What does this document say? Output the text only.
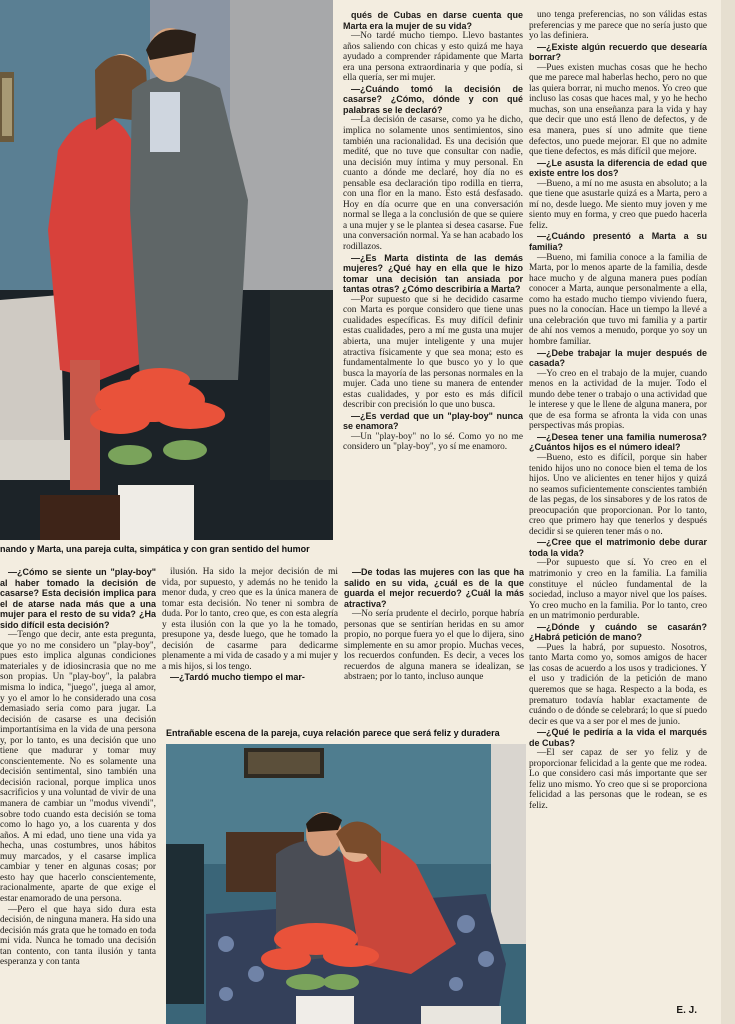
nando y Marta, una pareja culta, simpática y con gran sentido del humor
Entrañable escena de la pareja, cuya relación parece que será feliz y duradera

qués de Cubas en darse cuenta que Marta era la mujer de su vida?

—No tardé mucho tiempo. Llevo bastantes años saliendo con chicas y esto quizá me haya ayudado a comprender rápidamente que Marta era una persona extraordinaria y que podía, si ella quería, ser mi mujer.

—¿Cuándo tomó la decisión de casarse? ¿Cómo, dónde y con qué palabras se le declaró?

—La decisión de casarse, como ya he dicho, implica no solamente unos sentimientos, sino también una racionalidad. Es una decisión que medité, que no tuve que consultar con nadie, una decisión muy íntima y muy personal. En cuanto a dónde me declaré, hoy día no es pensable esa declaración tipo rodilla en tierra, con una flor en la mano. Esto está desfasado. Hoy en día ocurre que en una conversación normal se llega a la conclusión de que se quiere a una mujer y se le plantea si desea casarse. Fue una conversación normal. Ya se han acabado los rodillazos.

—¿Es Marta distinta de las demás mujeres? ¿Qué hay en ella que le hizo tomar una decisión tan ansiada por tantas otras? ¿Cómo describiría a Marta?

—Por supuesto que si he decidido casarme con Marta es porque considero que tiene unas cualidades específicas. Es muy difícil definir estas cualidades, pero a mí me gusta una mujer abierta, una mujer inteligente y una mujer atractiva físicamente y que sea mona; esto es fundamentalmente lo que busco yo y lo que busca la mayoría de las personas normales en la mujer. Cada uno tiene su manera de entender estas cualidades, y por esto es más difícil describir con precisión lo que uno busca.

—¿Es verdad que un "play-boy" nunca se enamora?

—Un "play-boy" no lo sé. Como yo no me considero un "play-boy", yo sí me enamoro.

uno tenga preferencias, no son válidas estas preferencias y me parece que no sería justo que yo las definiera.

—¿Existe algún recuerdo que desearía borrar?

—Pues existen muchas cosas que he hecho que me parece mal haberlas hecho, pero no que las quiera borrar, ni mucho menos. Yo creo que incluso las cosas que haces mal, y yo he hecho muchas, son una enseñanza para la vida y hay que decir que uno está lleno de defectos, y de esa manera, pues sí uno admite que tiene defectos, uno puede mejorar. El que no admite que tiene defectos, es más difícil que mejore.

—¿Le asusta la diferencia de edad que existe entre los dos?

—Bueno, a mí no me asusta en absoluto; a la que tiene que asustarle quizá es a Marta, pero a mí no, desde luego. Me siento muy joven y me siento muy en forma, y creo que puedo hacerla feliz.

—¿Cuándo presentó a Marta a su familia?

—Bueno, mi familia conoce a la familia de Marta, por lo menos aparte de la familia, desde hace mucho y de alguna manera pues podían conocer a Marta, aunque personalmente a ella, como ha estado mucho tiempo viviendo fuera, pues no la conocían. Hace un tiempo la llevé a una celebración que tuvo mi familia y a partir de ahí nos vemos a menudo, porque yo soy un hombre familiar.

—¿Debe trabajar la mujer después de casada?

—Yo creo en el trabajo de la mujer, cuando menos en la actividad de la mujer. Todo el mundo debe tener o trabajo o una actividad que le interese y que le llene de alguna manera, por que de esa forma se afronta la vida con unas perspectivas más propias.

—¿Desea tener una familia numerosa? ¿Cuántos hijos es el número ideal?

—Bueno, esto es difícil, porque sin haber tenido hijos uno no conoce bien el tema de los hijos. Uno ve alicientes en tener hijos y quizá no seamos suficientemente conscientes también de las pegas, de los sinsabores y de los ratos de preocupación que proporcionan. Por lo tanto, creo que primero hay que tenerlos y después decidir si se quieren tener más o no.

—¿Cree que el matrimonio debe durar toda la vida?

—Por supuesto que sí. Yo creo en el matrimonio y creo en la familia. La familia constituye el núcleo fundamental de la sociedad, incluso a mayor nivel que los países. Yo creo mucho en la familia. Por lo tanto, creo en un matrimonio perdurable.

—¿Dónde y cuándo se casarán? ¿Habrá petición de mano?

—Pues la habrá, por supuesto. Nosotros, tanto Marta como yo, somos amigos de hacer las cosas de acuerdo a los usos y tradiciones. Y el uso y tradición de la petición de mano queremos que se haga. Respecto a la boda, es prematuro todavía hablar exactamente de cuándo o de dónde se celebrará; lo que sí puedo decir es que va a ser por el mes de junio.

—¿Qué le pediría a la vida el marqués de Cubas?

—El ser capaz de ser yo feliz y de proporcionar felicidad a la gente que me rodea. Lo que considero casi más importante que ser feliz uno mismo. Yo creo que si se proporciona felicidad a las personas que le rodean, se es feliz.

—¿Cómo se siente un "play-boy" al haber tomado la decisión de casarse? Esta decisión implica para el de atarse nada más que a una mujer para el resto de su vida? ¿Ha sido difícil esta decisión?

—Tengo que decir, ante esta pregunta, que yo no me considero un "play-boy", pues esto implica algunas condiciones materiales y de idiosincrasia que no me son propias. Un "play-boy", la palabra misma lo indica, "juego", juega al amor, y yo el amor lo he considerado una cosa demasiado seria como para jugar. La decisión de casarse es una decisión importantísima en la vida de una persona y, por lo tanto, es una decisión que uno tiene que madurar y tomar muy conscientemente. No es solamente una decisión sentimental, sino también una decisión racional, porque implica unos sacrificios y una voluntad de vivir de una manera de cambiar un "modus vivendi", sobre todo cuando esta decisión se toma como lo hago yo, a los cuarenta y dos años. A mi edad, uno tiene una vida ya hecha, unas costumbres, unos hábitos muy marcados, y el casarse implica cambiar y tener en algunas cosas; por esto hay que hacerlo conscientemente, racionalmente, aparte de que exige el estar enamorado de una persona.

—Pero el que haya sido dura esta decisión, de ninguna manera. Ha sido una decisión más grata que he tomado en toda mi vida. Nunca he tomado una decisión tan contento, con tanta ilusión y tanta esperanza y con tanta

ilusión. Ha sido la mejor decisión de mi vida, por supuesto, y además no he tenido la menor duda, y creo que es la única manera de tomar esta decisión. No tener ni sombra de duda. Por lo tanto, creo que, es con esta alegría y esta ilusión con la que yo la he tomado, presupone ya, desde luego, que he tomado la decisión de casarme para dedicarme plenamente a mi vida de casado y a mi mujer y a mis hijos, si los tengo.

—¿Tardó mucho tiempo el mar-

—De todas las mujeres con las que ha salido en su vida, ¿cuál es de la que guarda el mejor recuerdo? ¿Cuál la más atractiva?

—No sería prudente el decirlo, porque habría personas que se sentirían heridas en su amor propio, no porque fuera yo el que lo dijera, sino simplemente en su amor propio. Muchas veces, los recuerdos confunden. Es decir, a veces los recuerdos de alguna manera se idealizan, se abstraen; por lo tanto, incluso aunque

E. J.
